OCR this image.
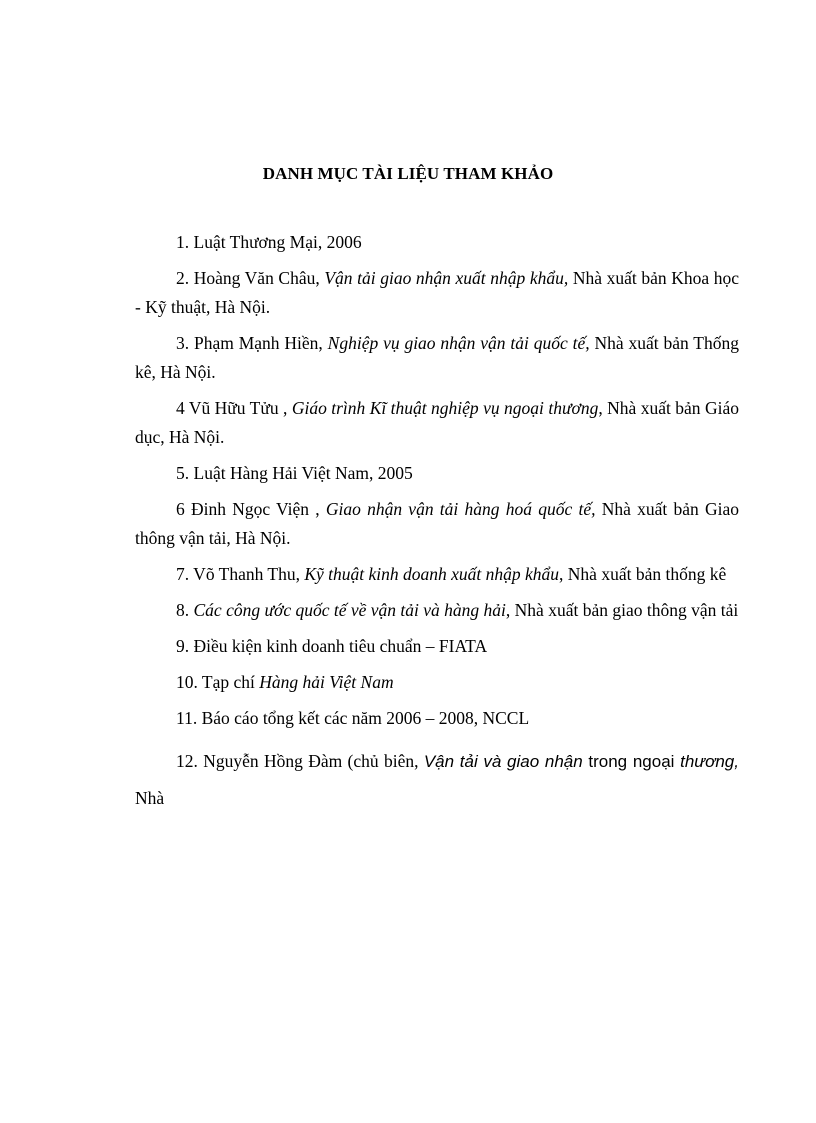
DANH MỤC TÀI LIỆU THAM KHẢO

1. Luật Thương Mại, 2006

2. Hoàng Văn Châu, Vận tải giao nhận xuất nhập khẩu, Nhà xuất bản Khoa học - Kỹ thuật, Hà Nội.

3. Phạm Mạnh Hiền, Nghiệp vụ giao nhận vận tải quốc tế, Nhà xuất bản Thống kê, Hà Nội.

4 Vũ Hữu Tửu , Giáo trình Kĩ thuật nghiệp vụ ngoại thương, Nhà xuất bản Giáo dục, Hà Nội.

5. Luật Hàng Hải Việt Nam, 2005

6 Đinh Ngọc Viện , Giao nhận vận tải hàng hoá quốc tế, Nhà xuất bản Giao thông vận tải, Hà Nội.

7. Võ Thanh Thu, Kỹ thuật kinh doanh xuất nhập khẩu, Nhà xuất bản thống kê

8. Các công ước quốc tế về vận tải và hàng hải, Nhà xuất bản giao thông vận tải

9. Điều kiện kinh doanh tiêu chuẩn – FIATA

10. Tạp chí Hàng hải Việt Nam

11. Báo cáo tổng kết các năm 2006 – 2008, NCCL

12. Nguyễn Hồng Đàm (chủ biên, Vận tải và giao nhận trong ngoại thương, Nhà
